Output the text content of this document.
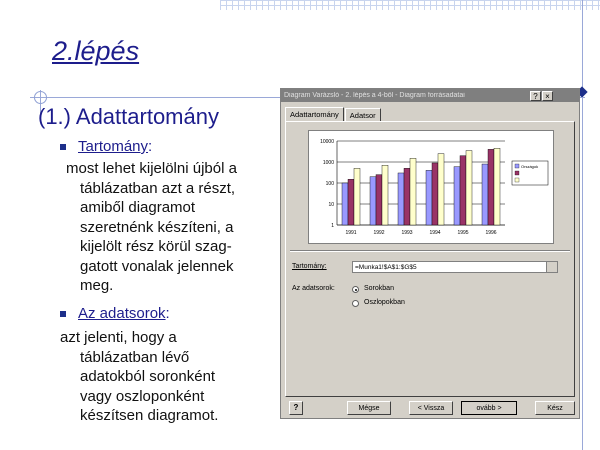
2.lépés
(1.) Adattartomány
Tartomány:
most lehet kijelölni újból a
táblázatban azt a részt,
amiből diagramot
szeretnénk készíteni, a
kijelölt rész körül szag-
gatott vonalak jelennek
meg.
Az adatsorok:
azt jelenti, hogy a
táblázatban lévő
adatokból soronként
vagy oszloponként
készítsen diagramot.
Diagram Varázsló - 2. lépés a 4-ből - Diagram forrásadatai	? ×
Adattartomány	Adatsor
10000
1000
100
10
1
1991	1992	1993	1994	1995	1996
Országok
Tartomány:	=Munka1!$A$1:$G$5
Az adatsorok:	Sorokban
Oszlopokban
?	Mégse	< Vissza	ovább >	Kész
